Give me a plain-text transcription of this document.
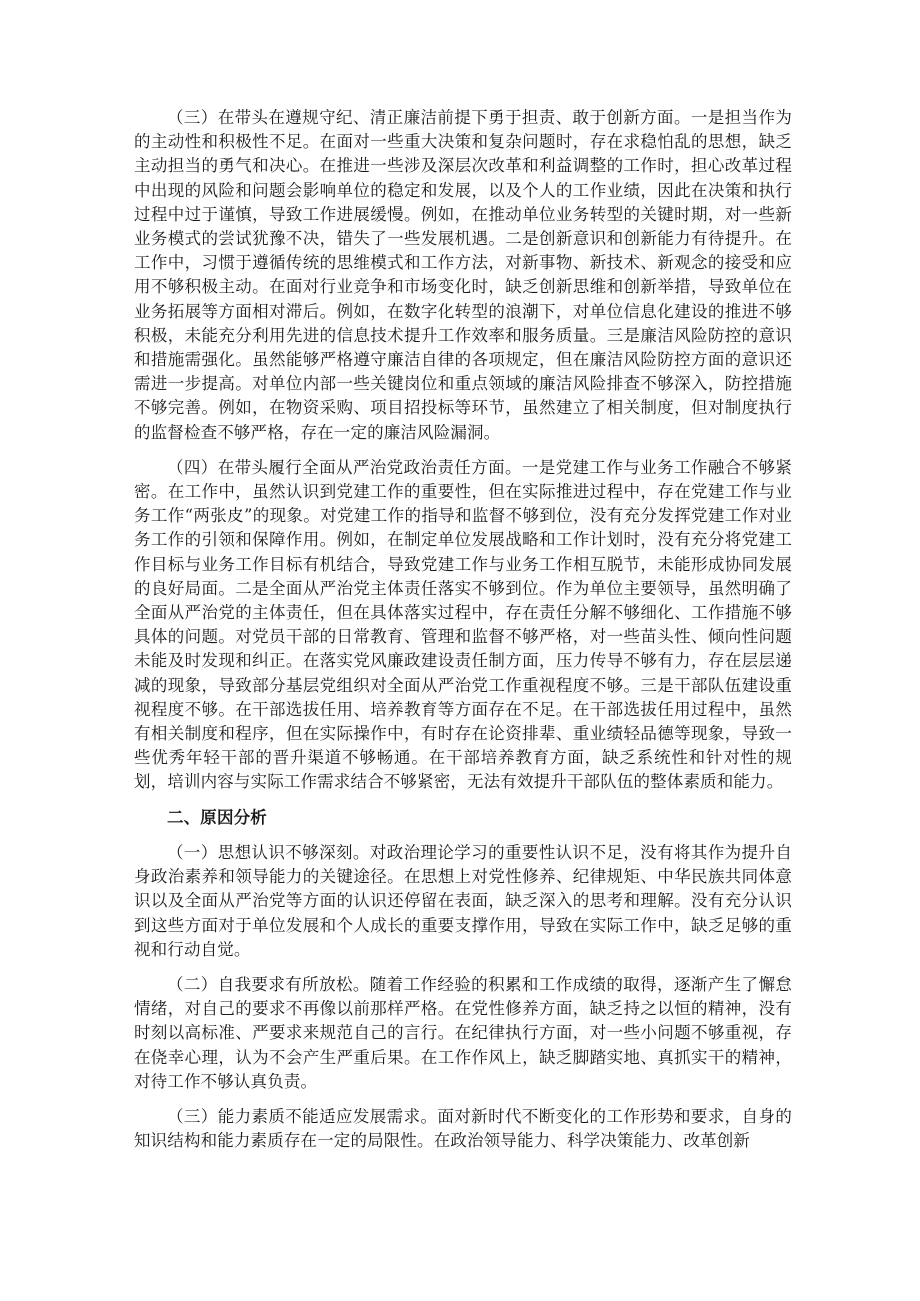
（三）在带头在遵规守纪、清正廉洁前提下勇于担责、敢于创新方面。一是担当作为的主动性和积极性不足。在面对一些重大决策和复杂问题时，存在求稳怕乱的思想，缺乏主动担当的勇气和决心。在推进一些涉及深层次改革和利益调整的工作时，担心改革过程中出现的风险和问题会影响单位的稳定和发展，以及个人的工作业绩，因此在决策和执行过程中过于谨慎，导致工作进展缓慢。例如，在推动单位业务转型的关键时期，对一些新业务模式的尝试犹豫不决，错失了一些发展机遇。二是创新意识和创新能力有待提升。在工作中，习惯于遵循传统的思维模式和工作方法，对新事物、新技术、新观念的接受和应用不够积极主动。在面对行业竞争和市场变化时，缺乏创新思维和创新举措，导致单位在业务拓展等方面相对滞后。例如，在数字化转型的浪潮下，对单位信息化建设的推进不够积极，未能充分利用先进的信息技术提升工作效率和服务质量。三是廉洁风险防控的意识和措施需强化。虽然能够严格遵守廉洁自律的各项规定，但在廉洁风险防控方面的意识还需进一步提高。对单位内部一些关键岗位和重点领域的廉洁风险排查不够深入，防控措施不够完善。例如，在物资采购、项目招投标等环节，虽然建立了相关制度，但对制度执行的监督检查不够严格，存在一定的廉洁风险漏洞。

（四）在带头履行全面从严治党政治责任方面。一是党建工作与业务工作融合不够紧密。在工作中，虽然认识到党建工作的重要性，但在实际推进过程中，存在党建工作与业务工作“两张皮”的现象。对党建工作的指导和监督不够到位，没有充分发挥党建工作对业务工作的引领和保障作用。例如，在制定单位发展战略和工作计划时，没有充分将党建工作目标与业务工作目标有机结合，导致党建工作与业务工作相互脱节，未能形成协同发展的良好局面。二是全面从严治党主体责任落实不够到位。作为单位主要领导，虽然明确了全面从严治党的主体责任，但在具体落实过程中，存在责任分解不够细化、工作措施不够具体的问题。对党员干部的日常教育、管理和监督不够严格，对一些苗头性、倾向性问题未能及时发现和纠正。在落实党风廉政建设责任制方面，压力传导不够有力，存在层层递减的现象，导致部分基层党组织对全面从严治党工作重视程度不够。三是干部队伍建设重视程度不够。在干部选拔任用、培养教育等方面存在不足。在干部选拔任用过程中，虽然有相关制度和程序，但在实际操作中，有时存在论资排辈、重业绩轻品德等现象，导致一些优秀年轻干部的晋升渠道不够畅通。在干部培养教育方面，缺乏系统性和针对性的规划，培训内容与实际工作需求结合不够紧密，无法有效提升干部队伍的整体素质和能力。

二、原因分析

（一）思想认识不够深刻。对政治理论学习的重要性认识不足，没有将其作为提升自身政治素养和领导能力的关键途径。在思想上对党性修养、纪律规矩、中华民族共同体意识以及全面从严治党等方面的认识还停留在表面，缺乏深入的思考和理解。没有充分认识到这些方面对于单位发展和个人成长的重要支撑作用，导致在实际工作中，缺乏足够的重视和行动自觉。

（二）自我要求有所放松。随着工作经验的积累和工作成绩的取得，逐渐产生了懈怠情绪，对自己的要求不再像以前那样严格。在党性修养方面，缺乏持之以恒的精神，没有时刻以高标准、严要求来规范自己的言行。在纪律执行方面，对一些小问题不够重视，存在侥幸心理，认为不会产生严重后果。在工作作风上，缺乏脚踏实地、真抓实干的精神，对待工作不够认真负责。

（三）能力素质不能适应发展需求。面对新时代不断变化的工作形势和要求，自身的知识结构和能力素质存在一定的局限性。在政治领导能力、科学决策能力、改革创新
